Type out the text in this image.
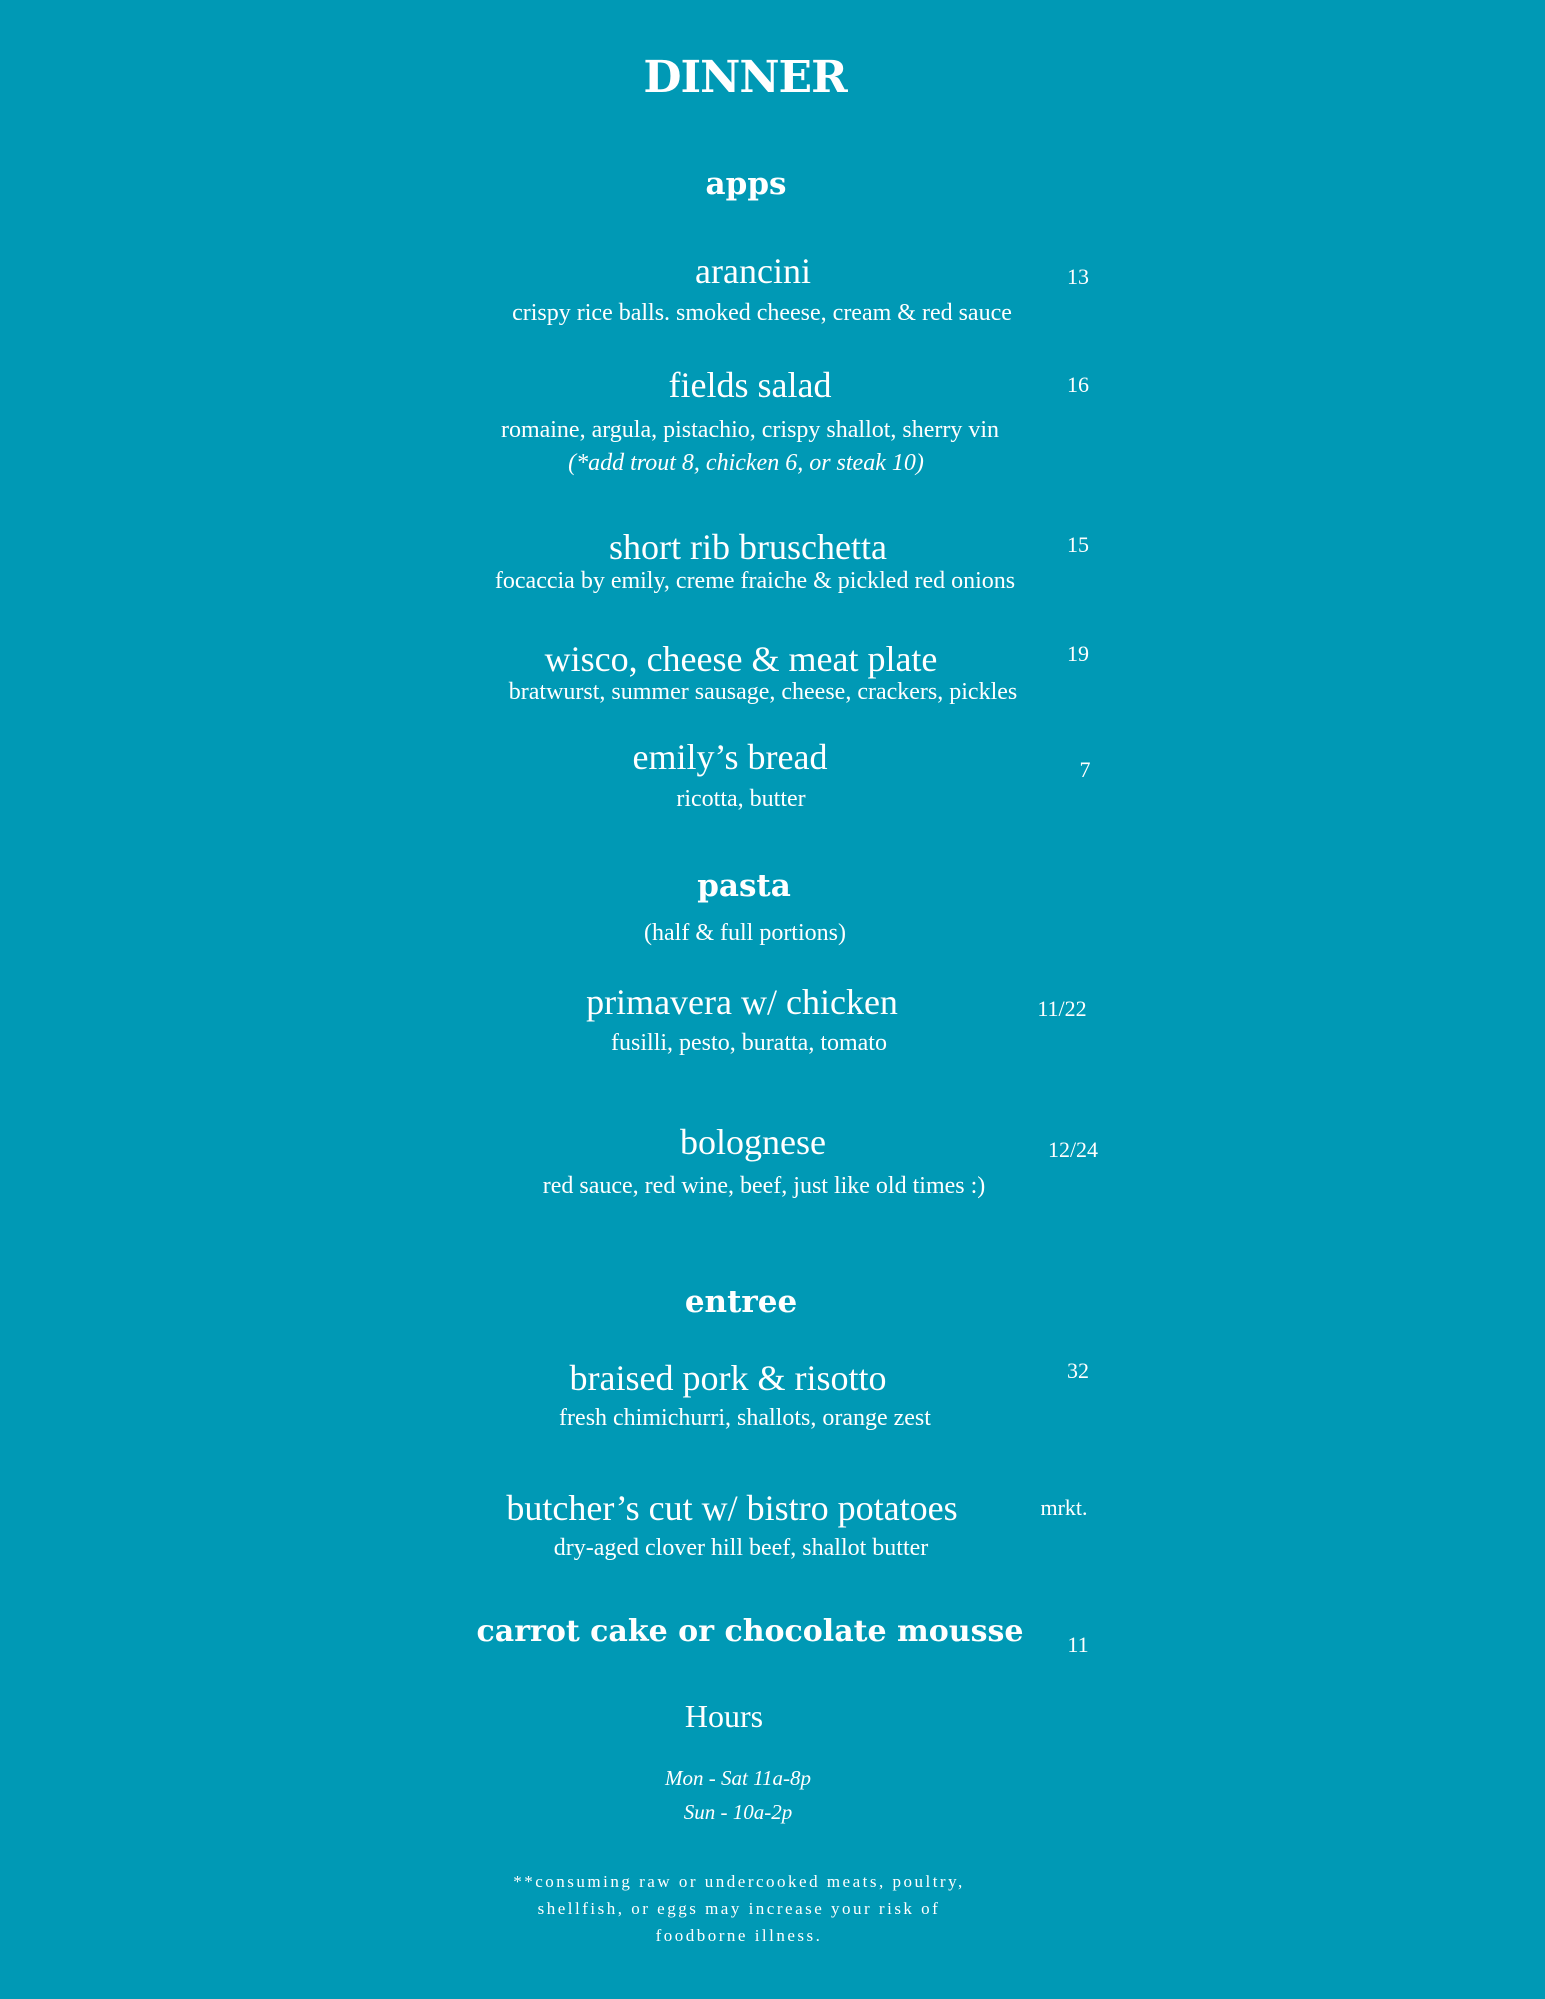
DINNER
apps
arancini
crispy rice balls. smoked cheese, cream & red sauce
13
fields salad
romaine, argula, pistachio, crispy shallot, sherry vin
(*add trout 8, chicken 6, or steak 10)
16
short rib bruschetta
focaccia by emily, creme fraiche & pickled red onions
15
wisco, cheese & meat plate
bratwurst, summer sausage, cheese, crackers, pickles
19
emily’s bread
ricotta, butter
7
pasta
(half & full portions)
primavera w/ chicken
fusilli, pesto, buratta, tomato
11/22
bolognese
red sauce, red wine, beef, just like old times :)
12/24
entree
braised pork & risotto
fresh chimichurri, shallots, orange zest
32
butcher’s cut w/ bistro potatoes
dry-aged clover hill beef, shallot butter
mrkt.
carrot cake or chocolate mousse 11
Hours
Mon - Sat 11a-8p
Sun - 10a-2p
**consuming raw or undercooked meats, poultry,
shellfish, or eggs may increase your risk of
foodborne illness.
